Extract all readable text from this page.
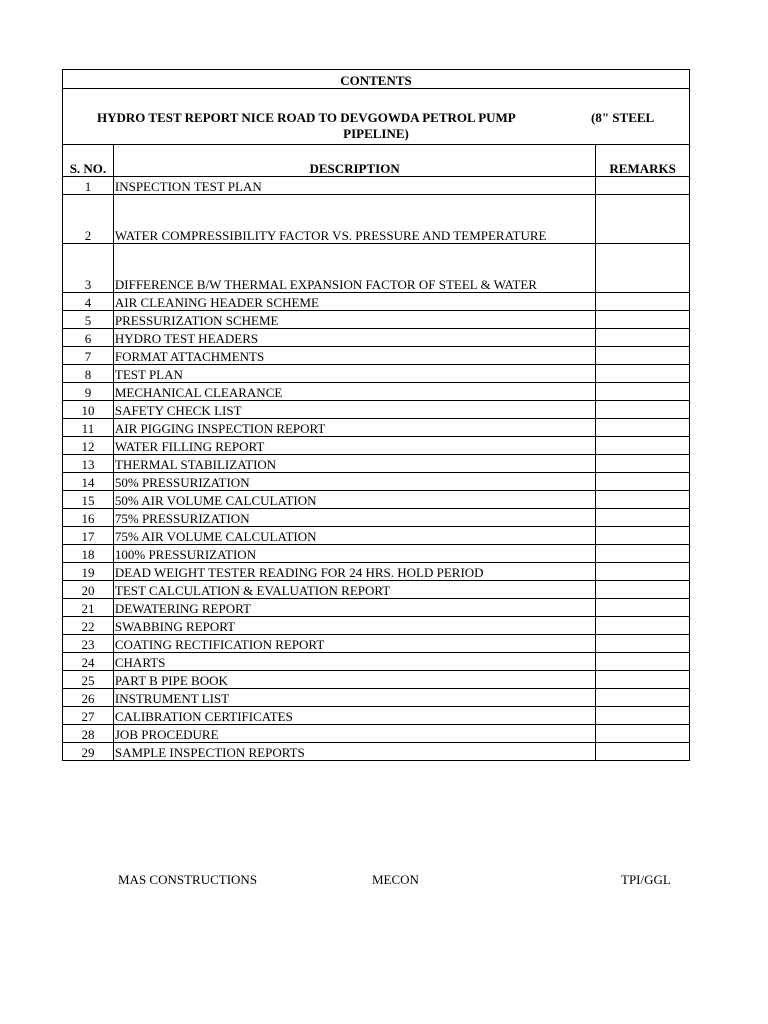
CONTENTS		

HYDRO TEST REPORT NICE ROAD TO DEVGOWDA PETROL PUMP (8" STEEL
PIPELINE)		

S. NO.	DESCRIPTION	REMARKS
1	INSPECTION TEST PLAN	
2	WATER COMPRESSIBILITY FACTOR VS. PRESSURE AND TEMPERATURE	
3	DIFFERENCE B/W THERMAL EXPANSION FACTOR OF STEEL & WATER	
4	AIR CLEANING HEADER SCHEME	
5	PRESSURIZATION SCHEME	
6	HYDRO TEST HEADERS	
7	FORMAT ATTACHMENTS	
8	TEST PLAN	
9	MECHANICAL CLEARANCE	
10	SAFETY CHECK LIST	
11	AIR PIGGING INSPECTION REPORT	
12	WATER FILLING REPORT	
13	THERMAL STABILIZATION	
14	50% PRESSURIZATION	
15	50% AIR VOLUME CALCULATION	
16	75% PRESSURIZATION	
17	75% AIR VOLUME CALCULATION	
18	100% PRESSURIZATION	
19	DEAD WEIGHT TESTER READING FOR 24 HRS. HOLD PERIOD	
20	TEST CALCULATION & EVALUATION REPORT	
21	DEWATERING REPORT	
22	SWABBING REPORT	
23	COATING RECTIFICATION REPORT	
24	CHARTS	
25	PART B PIPE BOOK	
26	INSTRUMENT LIST	
27	CALIBRATION CERTIFICATES	
28	JOB PROCEDURE	
29	SAMPLE INSPECTION REPORTS	
MAS CONSTRUCTIONS	MECON	TPI/GGL
